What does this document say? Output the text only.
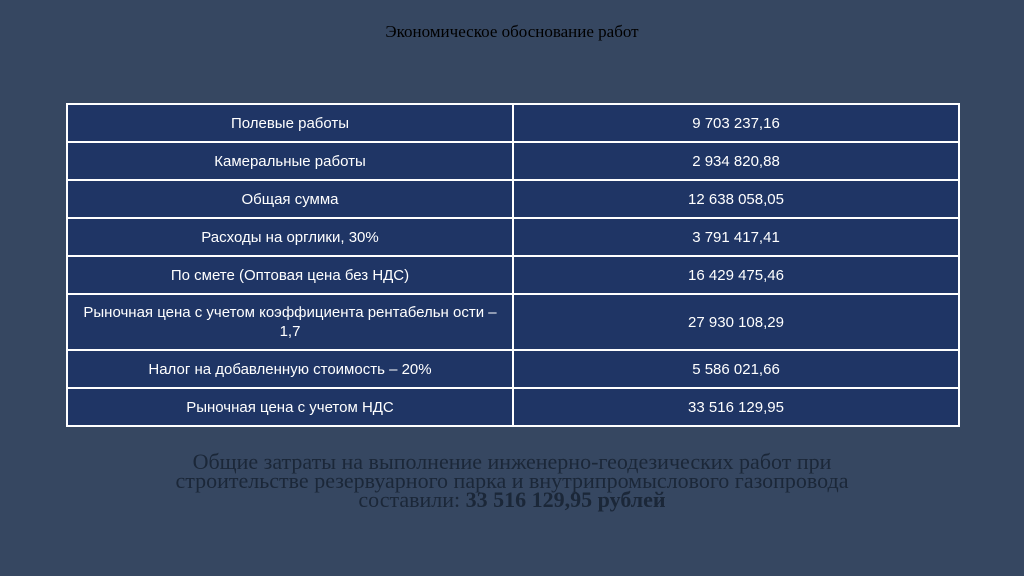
Экономическое обоснование работ
Полевые работы	9 703 237,16
Камеральные работы	2 934 820,88
Общая сумма	12 638 058,05
Расходы на орглики, 30%	3 791 417,41
По смете (Оптовая цена без НДС)	16 429 475,46
Рыночная цена с учетом коэффициента рентабельн ости – 1,7	27 930 108,29
Налог на добавленную стоимость – 20%	5 586 021,66
Рыночная цена с учетом НДС	33 516 129,95
Общие затраты на выполнение инженерно-геодезических работ при
строительстве резервуарного парка и внутрипромыслового газопровода
составили: 33 516 129,95 рублей
